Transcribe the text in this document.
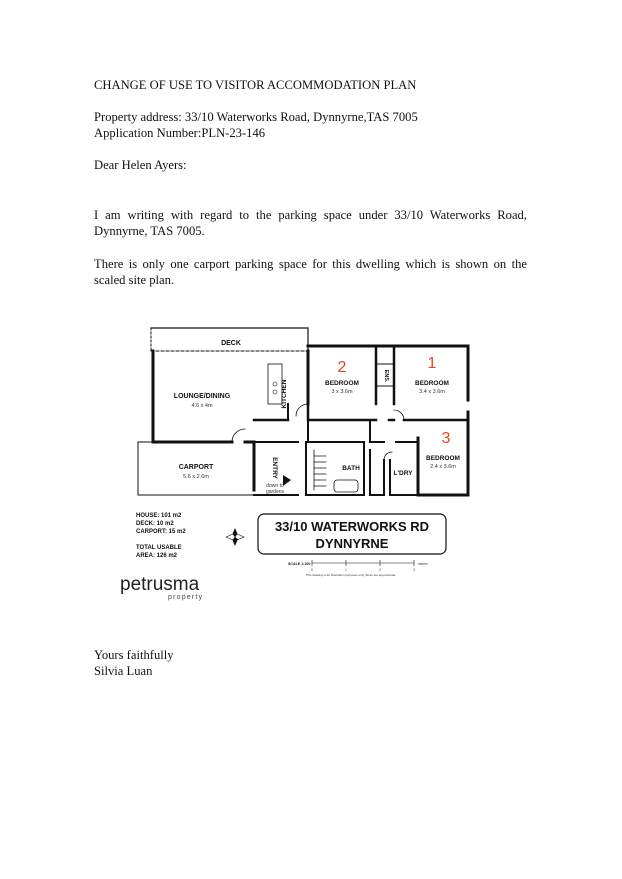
CHANGE OF USE TO VISITOR ACCOMMODATION PLAN
Property address: 33/10 Waterworks Road, Dynnyrne,TAS 7005
Application Number:PLN-23-146
Dear Helen Ayers:
I am writing with regard to the parking space under 33/10 Waterworks Road,
Dynnyrne, TAS 7005.
There is only one carport parking space for this dwelling which is shown on the
scaled site plan.
DECK
LOUNGE/DINING
4.6 x 4m	KITCHEN
2
BEDROOM
3 x 3.6m
ENS.
1
BEDROOM
3.4 x 3.6m
3
BEDROOM
2.4 x 3.6m
CARPORT
5.6 x 2.6m	ENTRY
down to
gardens
BATH
L'DRY
HOUSE: 101 m2
DECK: 10 m2
CARPORT: 15 m2
TOTAL USABLE
AREA: 126 m2
33/10 WATERWORKS RD
DYNNYRNE
SCALE 1:100
0	1	2	3
metres
This drawing is for illustration purposes only. Sizes are approximate.
petrusma
property
Yours faithfully
Silvia Luan
